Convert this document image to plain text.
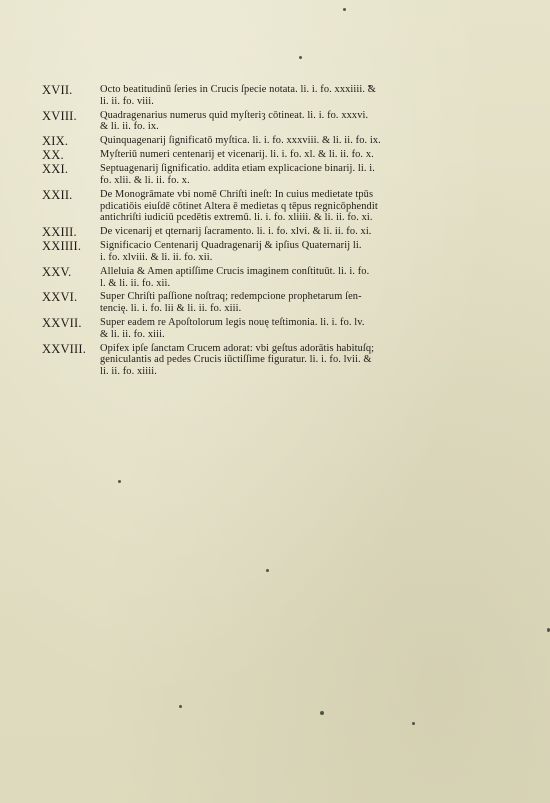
XVII.	Octo beatitudinū ſeries in Crucis ſpecie notata. li. i. fo. xxxiiii. &
li. ii. fo. viii.
XVIII.	Quadragenarius numerus quid myſteriȝ cōtineat. li. i. fo. xxxvi.
& li. ii. fo. ix.
XIX.	Quinquagenarij ſignificatō myſtica. li. i. fo. xxxviii. & li. ii. fo. ix.
XX.	Myſteriū numeri centenarij et vicenarij. li. i. fo. xl. & li. ii. fo. x.
XXI.	Septuagenarij ſignificatio. addita etiam explicacione binarij. li. i.
fo. xlii. & li. ii. fo. x.
XXII.	De Monogrāmate vbi nomē Chriſti ineſt: In cuius medietate tpūs
pdicatiōis eiuſdē cōtinet Altera ē medietas q tēpus regnicōphendit
antichriſti iudiciū pcedētis extremū. li. i. fo. xliiii. & li. ii. fo. xi.
XXIII.	De vicenarij et qternarij ſacramento. li. i. fo. xlvi. & li. ii. fo. xi.
XXIIII.	Significacio Centenarij Quadragenarij & ipſius Quaternarij li.
i. fo. xlviii. & li. ii. fo. xii.
XXV.	Alleluia & Amen aptiſſime Crucis imaginem conſtituūt. li. i. fo.
l. & li. ii. fo. xii.
XXVI.	Super Chriſti paſſione noſtraq; redempcione prophetarum ſen-
tencię. li. i. fo. lii & li. ii. fo. xiii.
XXVII.	Super eadem re Apoſtolorum legis nouę teſtimonia. li. i. fo. lv.
& li. ii. fo. xiii.
XXVIII.	Opifex ipſe ſanctam Crucem adorat: vbi geſtus adorātis habituſq;
geniculantis ad pedes Crucis iūctiſſime figuratur. li. i. fo. lvii. &
li. ii. fo. xiiii.
